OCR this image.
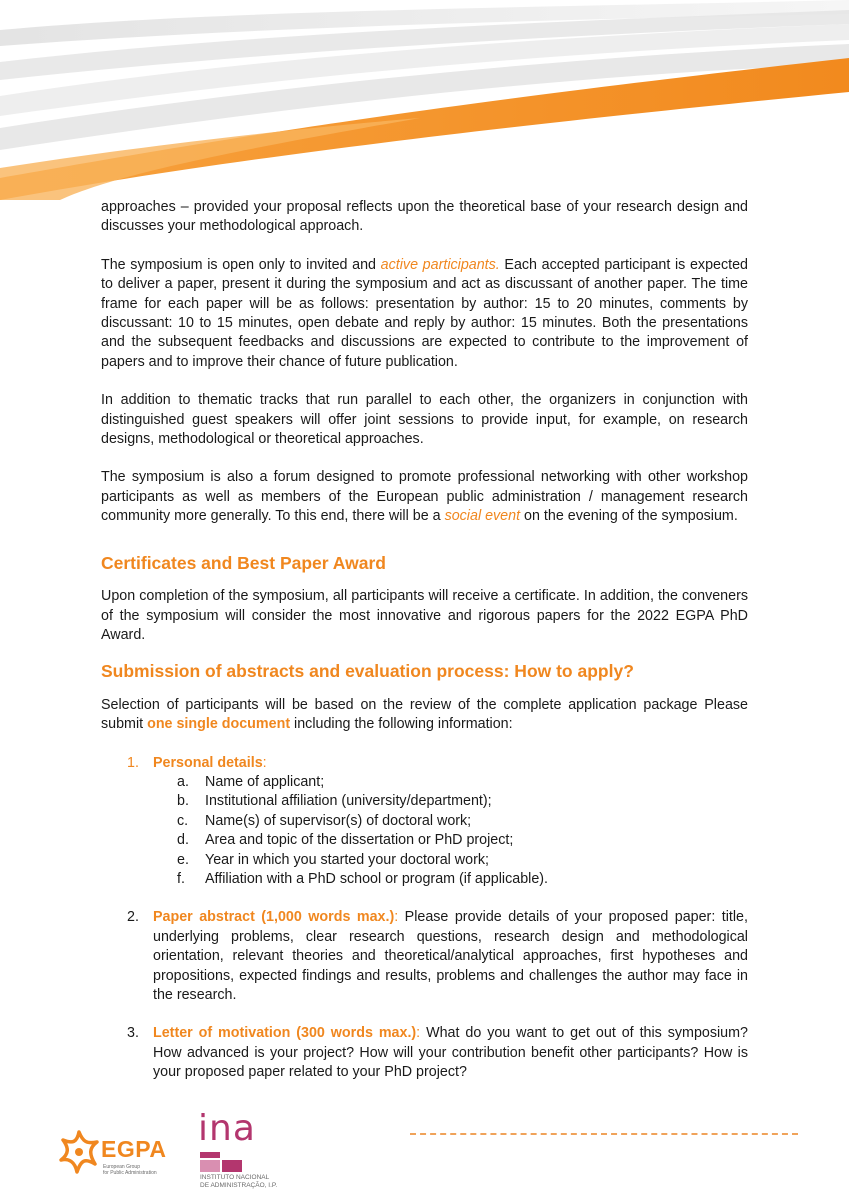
approaches – provided your proposal reflects upon the theoretical base of your research design and discusses your methodological approach.

The symposium is open only to invited and active participants. Each accepted participant is expected to deliver a paper, present it during the symposium and act as discussant of another paper. The time frame for each paper will be as follows: presentation by author: 15 to 20 minutes, comments by discussant: 10 to 15 minutes, open debate and reply by author: 15 minutes. Both the presentations and the subsequent feedbacks and discussions are expected to contribute to the improvement of papers and to improve their chance of future publication.

In addition to thematic tracks that run parallel to each other, the organizers in conjunction with distinguished guest speakers will offer joint sessions to provide input, for example, on research designs, methodological or theoretical approaches.

The symposium is also a forum designed to promote professional networking with other workshop participants as well as members of the European public administration / management research community more generally. To this end, there will be a social event on the evening of the symposium.

Certificates and Best Paper Award

Upon completion of the symposium, all participants will receive a certificate. In addition, the conveners of the symposium will consider the most innovative and rigorous papers for the 2022 EGPA PhD Award.

Submission of abstracts and evaluation process: How to apply?

Selection of participants will be based on the review of the complete application package Please submit one single document including the following information:

1. Personal details:
a. Name of applicant;
b. Institutional affiliation (university/department);
c. Name(s) of supervisor(s) of doctoral work;
d. Area and topic of the dissertation or PhD project;
e. Year in which you started your doctoral work;
f. Affiliation with a PhD school or program (if applicable).
2. Paper abstract (1,000 words max.): Please provide details of your proposed paper: title, underlying problems, clear research questions, research design and methodological orientation, relevant theories and theoretical/analytical approaches, first hypotheses and propositions, expected findings and results, problems and challenges the author may face in the research.
3. Letter of motivation (300 words max.): What do you want to get out of this symposium? How advanced is your project? How will your contribution benefit other participants? How is your proposed paper related to your PhD project?
EGPA
European Group
for Public Administration
ina
INSTITUTO NACIONAL
DE ADMINISTRAÇÃO, I.P.
